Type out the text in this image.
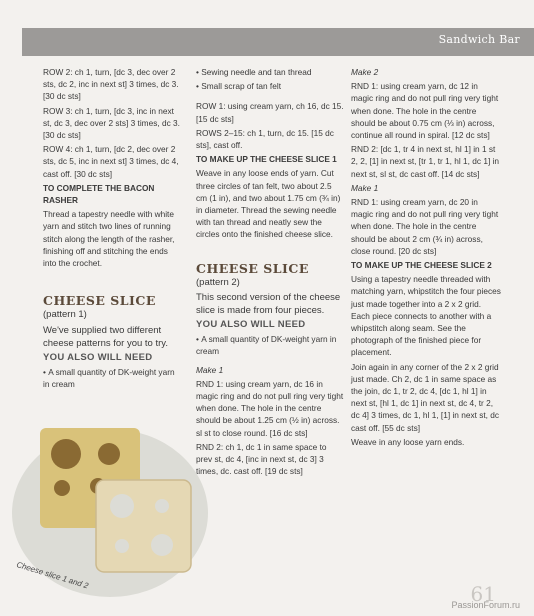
Sandwich Bar

ROW 2: ch 1, turn, [dc 3, dec over 2 sts, dc 2, inc in next st] 3 times, dc 3. [30 dc sts]

ROW 3: ch 1, turn, [dc 3, inc in next st, dc 3, dec over 2 sts] 3 times, dc 3. [30 dc sts]

ROW 4: ch 1, turn, [dc 2, dec over 2 sts, dc 5, inc in next st] 3 times, dc 4, cast off. [30 dc sts]

TO COMPLETE THE BACON RASHER

Thread a tapestry needle with white yarn and stitch two lines of running stitch along the length of the rasher, finishing off and stitching the ends into the crochet.

CHEESE SLICE

(pattern 1)

We've supplied two different cheese patterns for you to try.

YOU ALSO WILL NEED

• A small quantity of DK-weight yarn in cream

• Sewing needle and tan thread

• Small scrap of tan felt

ROW 1: using cream yarn, ch 16, dc 15. [15 dc sts]

ROWS 2–15: ch 1, turn, dc 15. [15 dc sts], cast off.

TO MAKE UP THE CHEESE SLICE 1

Weave in any loose ends of yarn. Cut three circles of tan felt, two about 2.5 cm (1 in), and two about 1.75 cm (¾ in) in diameter. Thread the sewing needle with tan thread and neatly sew the circles onto the finished cheese slice.

CHEESE SLICE

(pattern 2)

This second version of the cheese slice is made from four pieces.

YOU ALSO WILL NEED

• A small quantity of DK-weight yarn in cream

Make 1

RND 1: using cream yarn, dc 16 in magic ring and do not pull ring very tight when done. The hole in the centre should be about 1.25 cm (½ in) across. sl st to close round. [16 dc sts]

RND 2: ch 1, dc 1 in same space to prev st, dc 4, [inc in next st, dc 3] 3 times, dc. cast off. [19 dc sts]

Make 2

RND 1: using cream yarn, dc 12 in magic ring and do not pull ring very tight when done. The hole in the centre should be about 0.75 cm (⅓ in) across, continue all round in spiral. [12 dc sts]

RND 2: [dc 1, tr 4 in next st, hl 1] in 1 st 2, 2, [1] in next st, [tr 1, tr 1, hl 1, dc 1] in next st, sl st, dc cast off. [14 dc sts]

Make 1

RND 1: using cream yarn, dc 20 in magic ring and do not pull ring very tight when done. The hole in the centre should be about 2 cm (¾ in) across, close round. [20 dc sts]

TO MAKE UP THE CHEESE SLICE 2

Using a tapestry needle threaded with matching yarn, whipstitch the four pieces just made together into a 2 x 2 grid. Each piece connects to another with a whipstitch along seam. See the photograph of the finished piece for placement.

Join again in any corner of the 2 x 2 grid just made. Ch 2, dc 1 in same space as the join, dc 1, tr 2, dc 4, [dc 1, hl 1] in next st, [hl 1, dc 1] in next st, dc 4, tr 2, dc 4] 3 times, dc 1, hl 1, [1] in next st, dc cast off. [55 dc sts]

Weave in any loose yarn ends.

Cheese slice 1 and 2
61
PassionForum.ru
